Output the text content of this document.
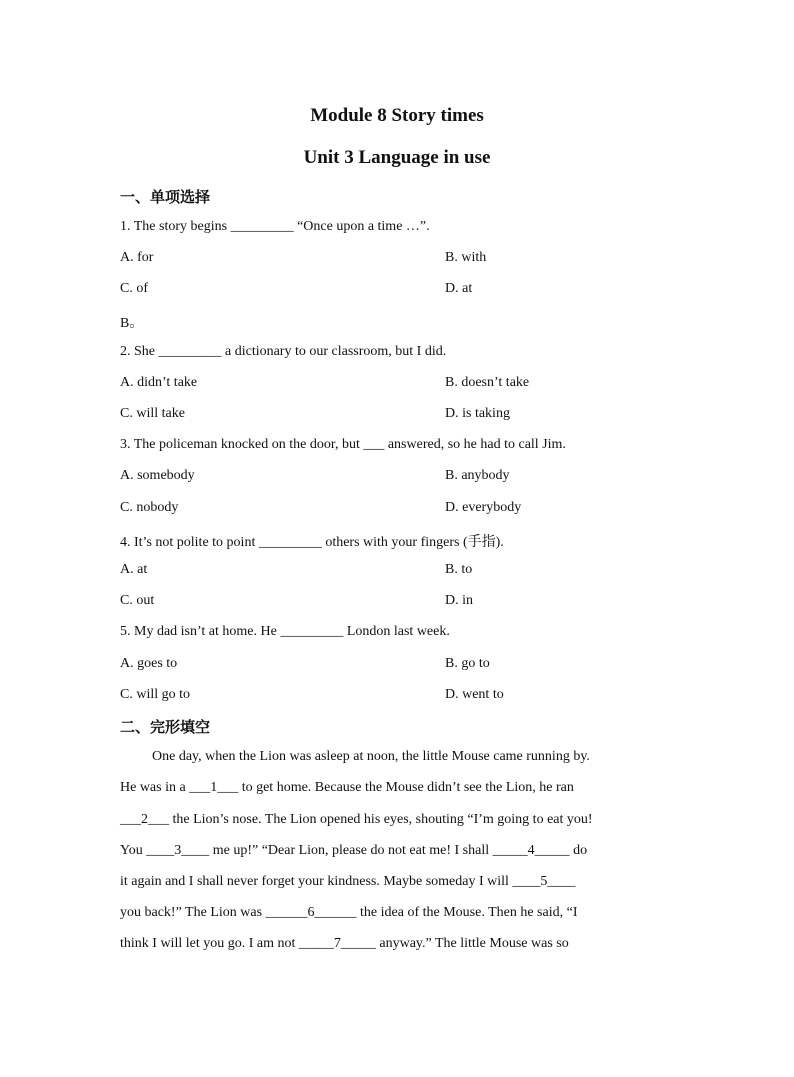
Module 8 Story times
Unit 3 Language in use
一、单项选择
1. The story begins _________ “Once upon a time …”.
A. for	B. with
C. of	D. at
B。
2. She _________ a dictionary to our classroom, but I did.
A. didn’t take	B. doesn’t take
C. will take	D. is taking
3. The policeman knocked on the door, but ___ answered, so he had to call Jim.
A. somebody	B. anybody
C. nobody	D. everybody
4. It’s not polite to point _________ others with your fingers (手指).
A. at	B. to
C. out	D. in
5. My dad isn’t at home. He _________ London last week.
A. goes to	B. go to
C. will go to	D. went to
二、完形填空
One day, when the Lion was asleep at noon, the little Mouse came running by.
He was in a ___1___ to get home. Because the Mouse didn’t see the Lion, he ran
___2___ the Lion’s nose. The Lion opened his eyes, shouting “I’m going to eat you!
You ____3____ me up!” “Dear Lion, please do not eat me! I shall _____4_____ do
it again and I shall never forget your kindness. Maybe someday I will ____5____
you back!” The Lion was ______6______ the idea of the Mouse. Then he said, “I
think I will let you go. I am not _____7_____ anyway.” The little Mouse was so
